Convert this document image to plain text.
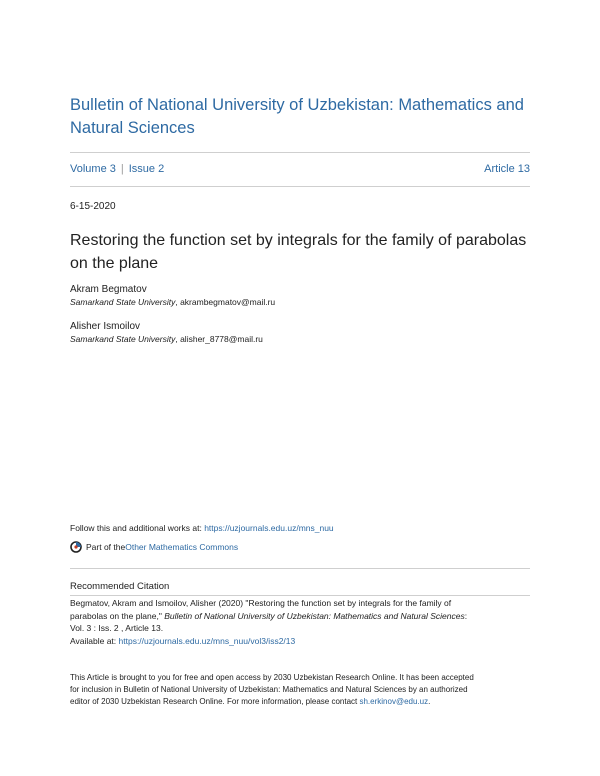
Bulletin of National University of Uzbekistan: Mathematics and
Natural Sciences
Volume 3 | Issue 2	Article 13
6-15-2020
Restoring the function set by integrals for the family of parabolas
on the plane
Akram Begmatov
Samarkand State University, akrambegmatov@mail.ru
Alisher Ismoilov
Samarkand State University, alisher_8778@mail.ru
Follow this and additional works at: https://uzjournals.edu.uz/mns_nuu
Part of the Other Mathematics Commons
Recommended Citation
Begmatov, Akram and Ismoilov, Alisher (2020) "Restoring the function set by integrals for the family of
parabolas on the plane," Bulletin of National University of Uzbekistan: Mathematics and Natural Sciences:
Vol. 3 : Iss. 2 , Article 13.
Available at: https://uzjournals.edu.uz/mns_nuu/vol3/iss2/13
This Article is brought to you for free and open access by 2030 Uzbekistan Research Online. It has been accepted
for inclusion in Bulletin of National University of Uzbekistan: Mathematics and Natural Sciences by an authorized
editor of 2030 Uzbekistan Research Online. For more information, please contact sh.erkinov@edu.uz.
